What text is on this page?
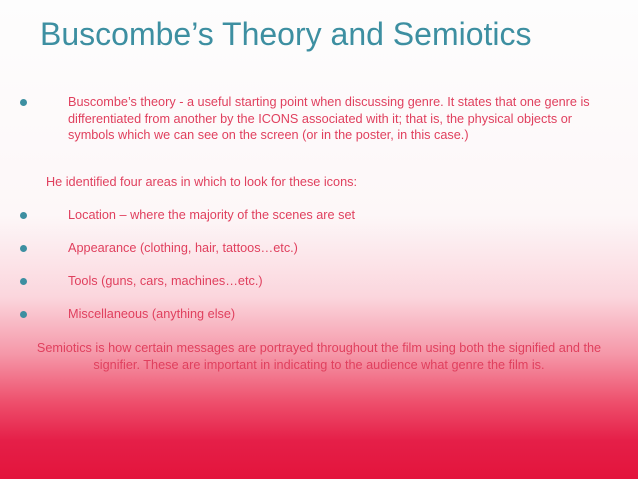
Buscombe’s Theory and Semiotics
Buscombe’s theory - a useful starting point when discussing genre. It states that one genre is differentiated from another by the ICONS associated with it; that is, the physical objects or symbols which we can see on the screen (or in the poster, in this case.)
He identified four areas in which to look for these icons:
Location – where the majority of the scenes are set
Appearance (clothing, hair, tattoos…etc.)
Tools (guns, cars, machines…etc.)
Miscellaneous (anything else)
Semiotics is how certain messages are portrayed throughout the film using both the signified and the signifier. These are important in indicating to the audience what genre the film is.
